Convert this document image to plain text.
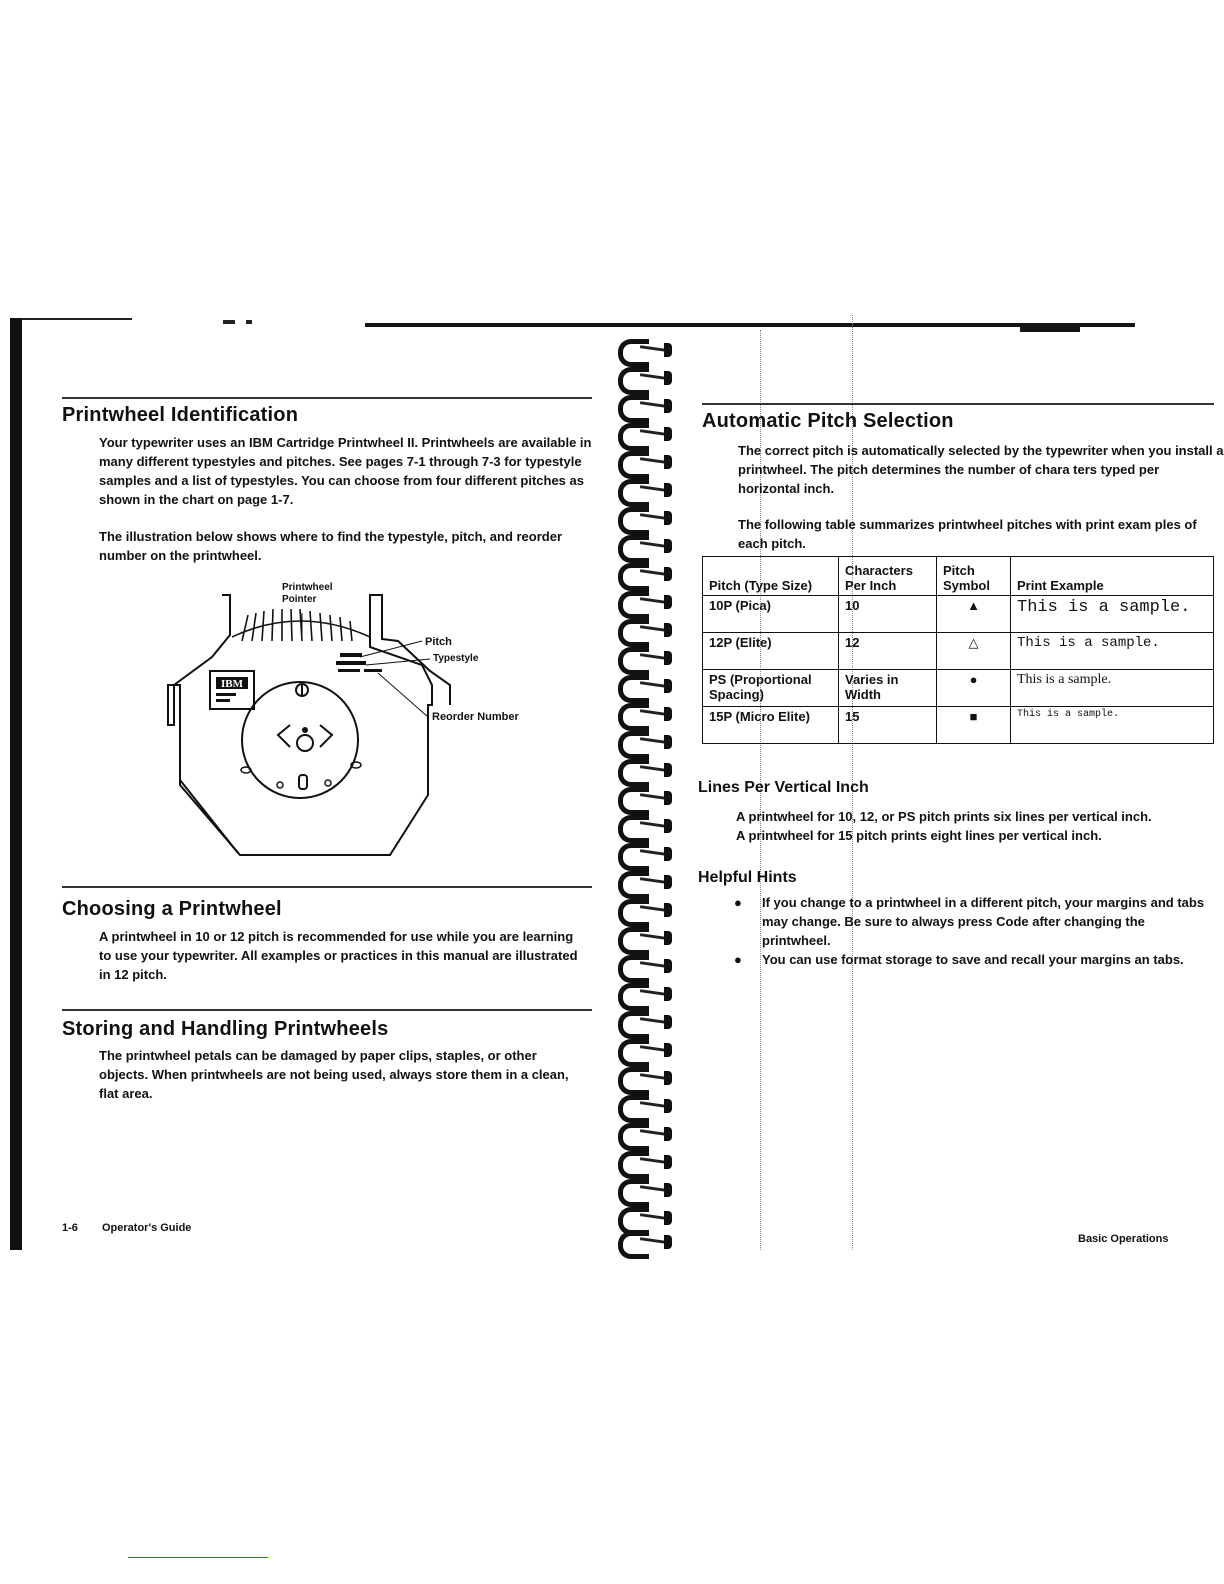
Printwheel Identification
Your typewriter uses an IBM Cartridge Printwheel II. Printwheels are available in many different typestyles and pitches. See pages 7-1 through 7-3 for typestyle samples and a list of typestyles. You can choose from four different pitches as shown in the chart on page 1-7.
The illustration below shows where to find the typestyle, pitch, and reorder number on the printwheel.
IBM
Printwheel Pointer
Pitch
Typestyle
Reorder Number
Choosing a Printwheel
A printwheel in 10 or 12 pitch is recommended for use while you are learning to use your typewriter. All examples or practices in this manual are illustrated in 12 pitch.
Storing and Handling Printwheels
The printwheel petals can be damaged by paper clips, staples, or other objects. When printwheels are not being used, always store them in a clean, flat area.
1-6 Operator's Guide
Automatic Pitch Selection
The correct pitch is automatically selected by the typewriter when you install a printwheel. The pitch determines the number of chara ters typed per horizontal inch.
The following table summarizes printwheel pitches with print exam ples of each pitch.
Pitch (Type Size)	Characters Per Inch	Pitch Symbol	Print Example
10P (Pica)	10	▲	This is a sample.
12P (Elite)	12	△	This is a sample.
PS (Proportional Spacing)	Varies in Width	●	This is a sample.
15P (Micro Elite)	15	■	This is a sample.
Lines Per Vertical Inch
A printwheel for 10, 12, or PS pitch prints six lines per vertical inch.
A printwheel for 15 pitch prints eight lines per vertical inch.
Helpful Hints
● If you change to a printwheel in a different pitch, your margins and tabs may change. Be sure to always press Code after changing the printwheel.
● You can use format storage to save and recall your margins an tabs.
Basic Operations
